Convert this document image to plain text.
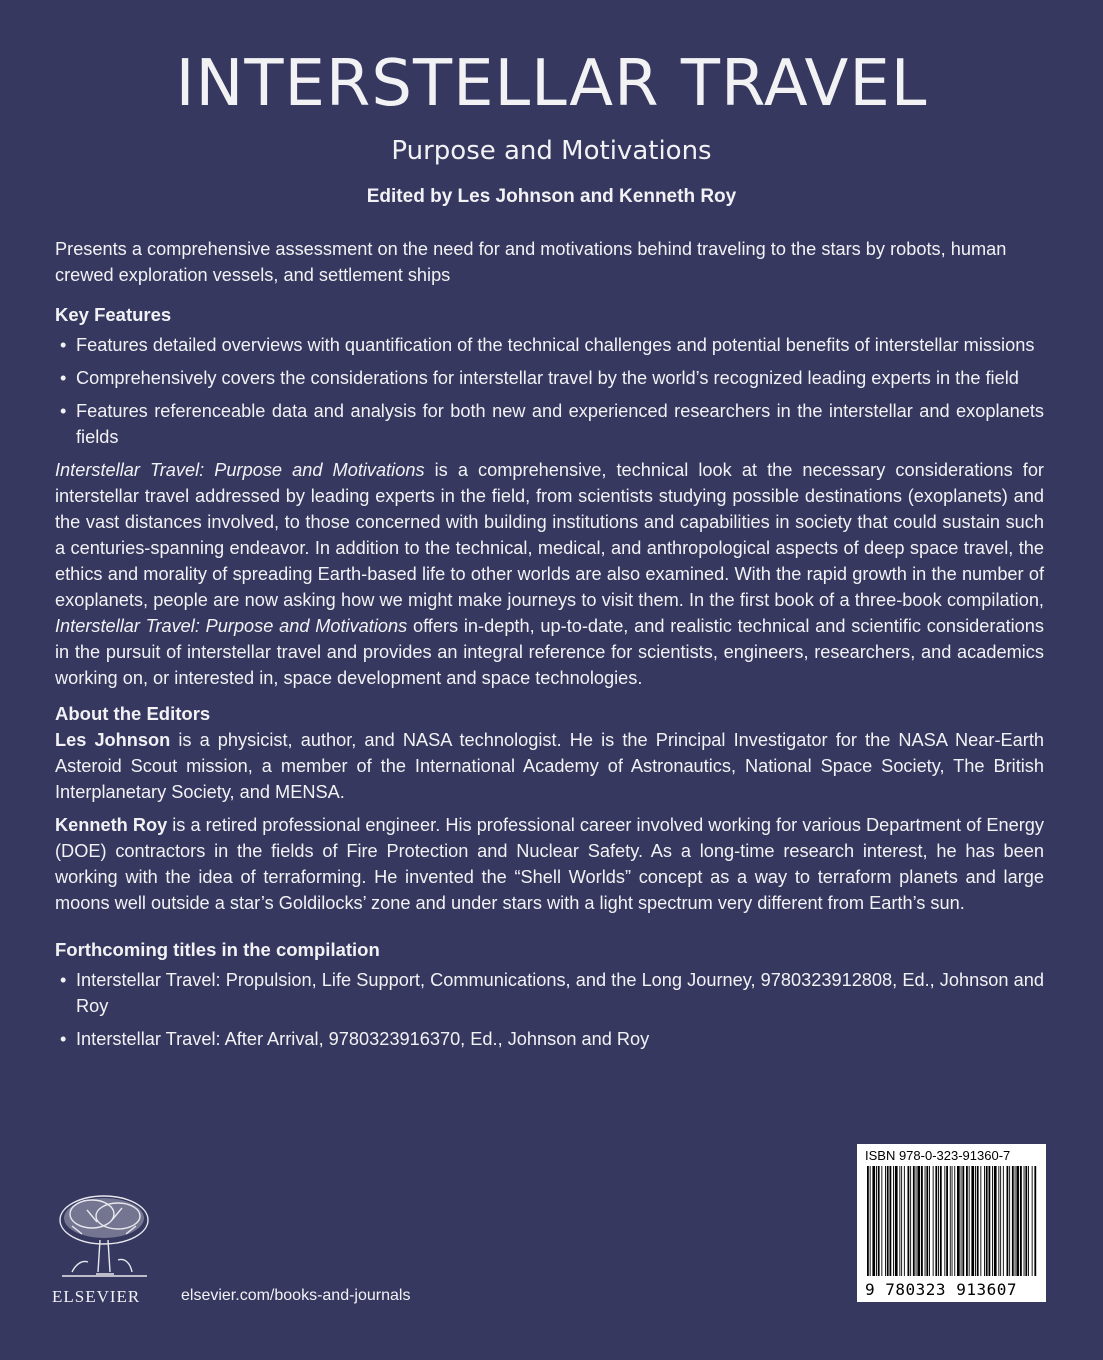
INTERSTELLAR TRAVEL
Purpose and Motivations
Edited by Les Johnson and Kenneth Roy

Presents a comprehensive assessment on the need for and motivations behind traveling to the stars by robots, human crewed exploration vessels, and settlement ships

Key Features

• Features detailed overviews with quantification of the technical challenges and potential benefits of interstellar missions
• Comprehensively covers the considerations for interstellar travel by the world’s recognized leading experts in the field
• Features referenceable data and analysis for both new and experienced researchers in the interstellar and exoplanets fields

Interstellar Travel: Purpose and Motivations is a comprehensive, technical look at the necessary considerations for interstellar travel addressed by leading experts in the field, from scientists studying possible destinations (exoplanets) and the vast distances involved, to those concerned with building institutions and capabilities in society that could sustain such a centuries-spanning endeavor. In addition to the technical, medical, and anthropological aspects of deep space travel, the ethics and morality of spreading Earth-based life to other worlds are also examined. With the rapid growth in the number of exoplanets, people are now asking how we might make journeys to visit them. In the first book of a three-book compilation, Interstellar Travel: Purpose and Motivations offers in-depth, up-to-date, and realistic technical and scientific considerations in the pursuit of interstellar travel and provides an integral reference for scientists, engineers, researchers, and academics working on, or interested in, space development and space technologies.

About the Editors

Les Johnson is a physicist, author, and NASA technologist. He is the Principal Investigator for the NASA Near-Earth Asteroid Scout mission, a member of the International Academy of Astronautics, National Space Society, The British Interplanetary Society, and MENSA.

Kenneth Roy is a retired professional engineer. His professional career involved working for various Department of Energy (DOE) contractors in the fields of Fire Protection and Nuclear Safety. As a long-time research interest, he has been working with the idea of terraforming. He invented the “Shell Worlds” concept as a way to terraform planets and large moons well outside a star’s Goldilocks’ zone and under stars with a light spectrum very different from Earth’s sun.

Forthcoming titles in the compilation

• Interstellar Travel: Propulsion, Life Support, Communications, and the Long Journey, 9780323912808, Ed., Johnson and Roy
• Interstellar Travel: After Arrival, 9780323916370, Ed., Johnson and Roy
ELSEVIER	elsevier.com/books-and-journals
ISBN 978-0-323-91360-7
9 780323 913607
